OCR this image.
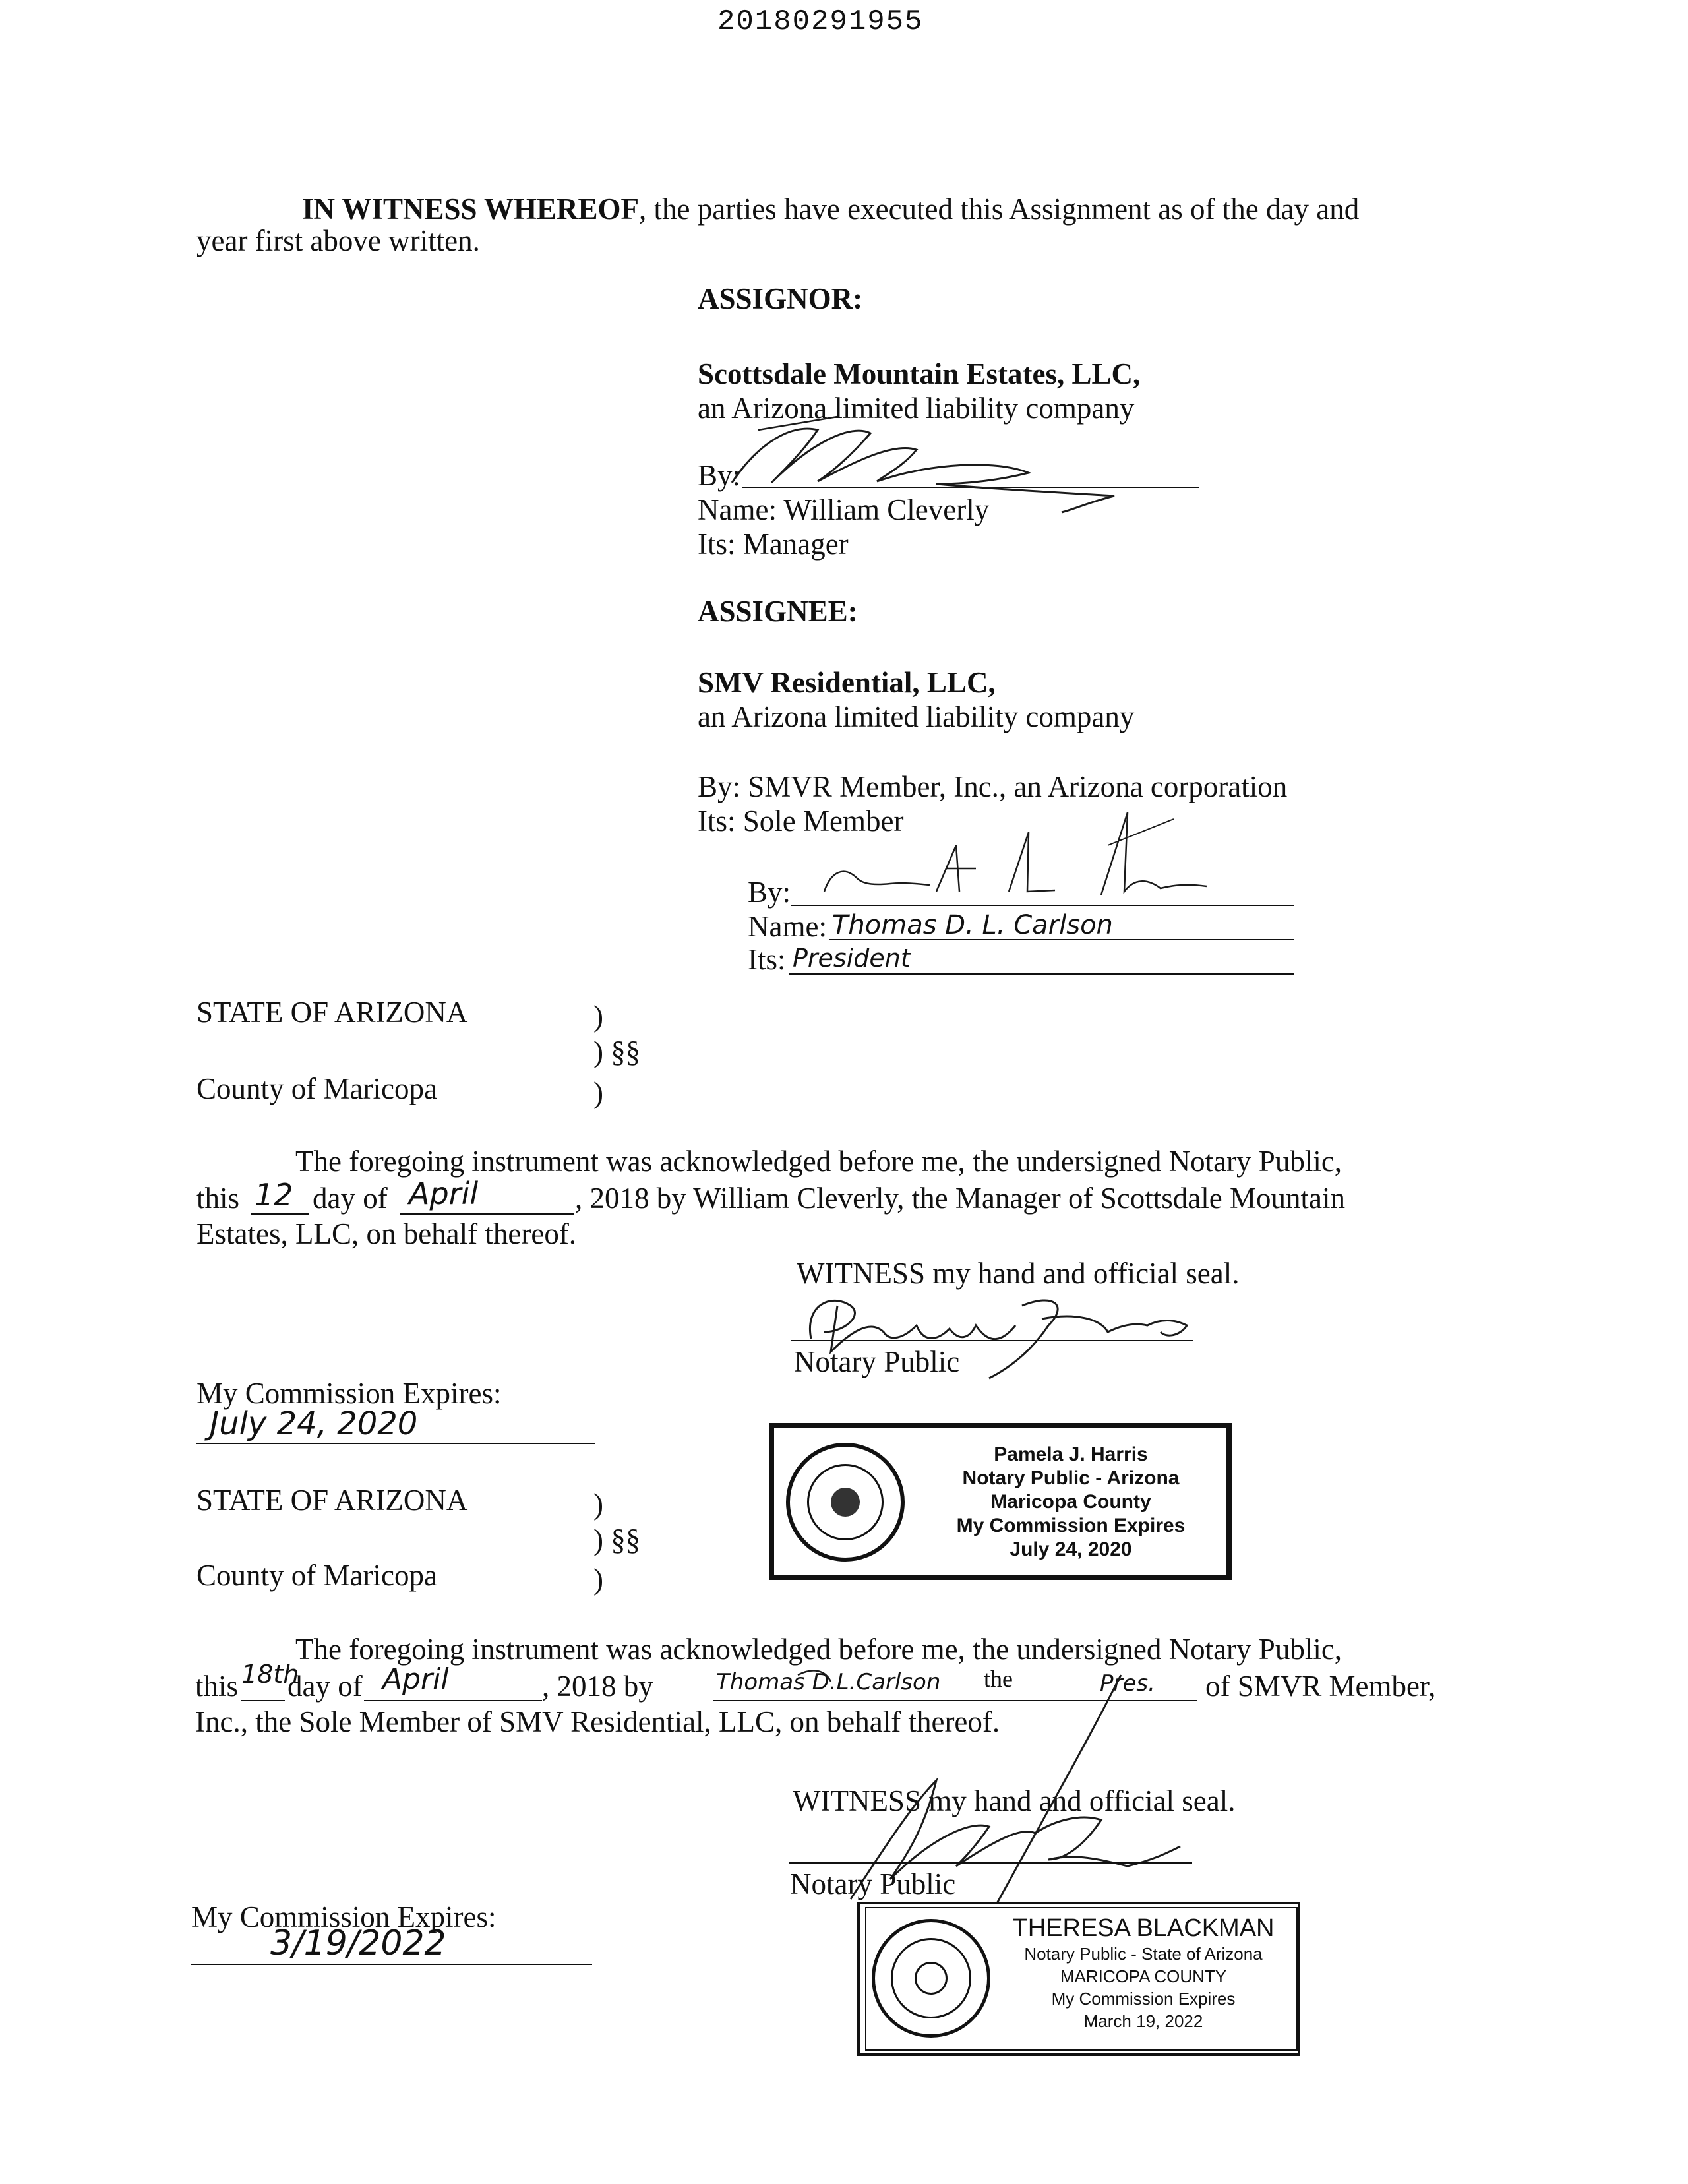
20180291955
IN WITNESS WHEREOF, the parties have executed this Assignment as of the day and
year first above written.
ASSIGNOR:
Scottsdale Mountain Estates, LLC,
an Arizona limited liability company
By:
Name: William Cleverly
Its: Manager
ASSIGNEE:
SMV Residential, LLC,
an Arizona limited liability company
By: SMVR Member, Inc., an Arizona corporation
Its: Sole Member
By:
Name: Thomas D. L. Carlson
Its: President
STATE OF ARIZONA	)
) §§
County of Maricopa	)
The foregoing instrument was acknowledged before me, the undersigned Notary Public,
this 12 day of April	, 2018 by William Cleverly, the Manager of Scottsdale Mountain
Estates, LLC, on behalf thereof.
WITNESS my hand and official seal.
Notary Public
My Commission Expires:
July 24, 2020
Pamela J. Harris
Notary Public - Arizona
Maricopa County
My Commission Expires
July 24, 2020
STATE OF ARIZONA	)
) §§
County of Maricopa	)
The foregoing instrument was acknowledged before me, the undersigned Notary Public,
this 18th
day of April	, 2018 by	Thomas D.L.Carlson the	Pres. of SMVR Member,
Inc., the Sole Member of SMV Residential, LLC, on behalf thereof.
WITNESS my hand and official seal.
Notary Public
My Commission Expires:
3/19/2022	THERESA BLACKMAN
Notary Public - State of Arizona
MARICOPA COUNTY
My Commission Expires
March 19, 2022
